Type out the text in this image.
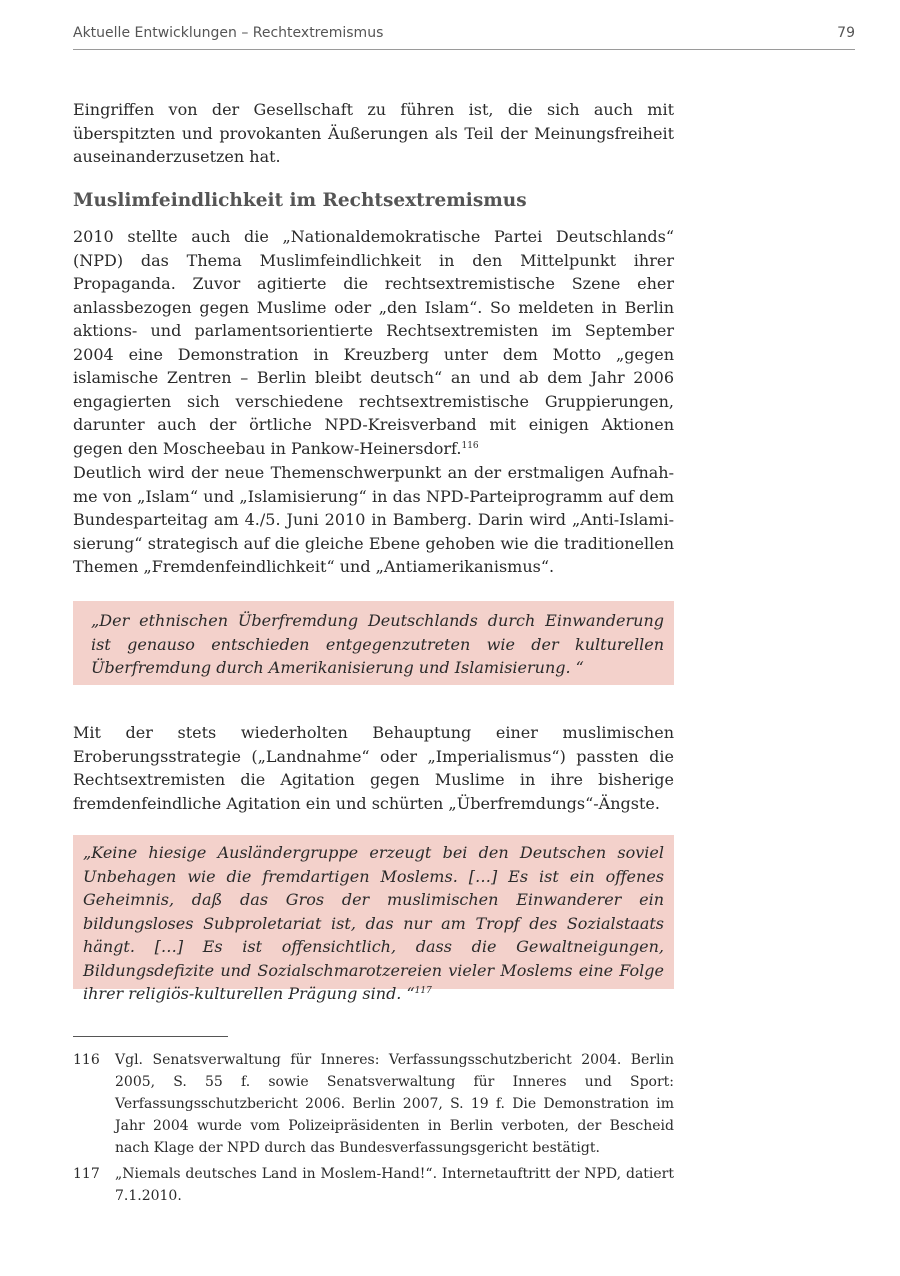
Aktuelle Entwicklungen – Rechtextremismus	79

Eingriffen von der Gesellschaft zu führen ist, die sich auch mit überspitzten und provokanten Äußerungen als Teil der Meinungsfreiheit auseinanderzusetzen hat.

Muslimfeindlichkeit im Rechtsextremismus

2010 stellte auch die „Nationaldemokratische Partei Deutschlands“ (NPD) das Thema Muslimfeindlichkeit in den Mittelpunkt ihrer Propaganda. Zuvor agitierte die rechtsextremistische Szene eher anlassbezogen gegen Muslime oder „den Islam“. So meldeten in Berlin aktions- und parlamentsorientierte Rechtsextremisten im September 2004 eine Demonstration in Kreuzberg unter dem Motto „gegen islamische Zentren – Berlin bleibt deutsch“ an und ab dem Jahr 2006 engagierten sich verschiedene rechtsextremistische Gruppierungen, darunter auch der örtliche NPD-Kreisverband mit einigen Aktionen gegen den Moscheebau in Pankow-Heinersdorf.$^{116}$

Deutlich wird der neue Themenschwerpunkt an der erstmaligen Aufnahme von „Islam“ und „Islamisierung“ in das NPD-Parteiprogramm auf dem Bundesparteitag am 4./5. Juni 2010 in Bamberg. Darin wird „Anti-Islamisierung“ strategisch auf die gleiche Ebene gehoben wie die traditionellen Themen „Fremdenfeindlichkeit“ und „Antiamerikanismus“.

„Der ethnischen Überfremdung Deutschlands durch Einwanderung ist genauso entschieden entgegenzutreten wie der kulturellen Überfremdung durch Amerikanisierung und Islamisierung. “

Mit der stets wiederholten Behauptung einer muslimischen Eroberungsstrategie („Landnahme“ oder „Imperialismus“) passten die Rechtsextremisten die Agitation gegen Muslime in ihre bisherige fremdenfeindliche Agitation ein und schürten „Überfremdungs“-Ängste.

„Keine hiesige Ausländergruppe erzeugt bei den Deutschen soviel Unbehagen wie die fremdartigen Moslems. […] Es ist ein offenes Geheimnis, daß das Gros der muslimischen Einwanderer ein bildungsloses Subproletariat ist, das nur am Tropf des Sozialstaats hängt. […] Es ist offensichtlich, dass die Gewaltneigungen, Bildungsdefizite und Sozialschmarotzereien vieler Moslems eine Folge ihrer religiös-kulturellen Prägung sind. “$^{117}$

116 Vgl. Senatsverwaltung für Inneres: Verfassungsschutzbericht 2004. Berlin 2005, S. 55 f. sowie Senatsverwaltung für Inneres und Sport: Verfassungsschutzbericht 2006. Berlin 2007, S. 19 f. Die Demonstration im Jahr 2004 wurde vom Polizeipräsidenten in Berlin verboten, der Bescheid nach Klage der NPD durch das Bundesverfassungsgericht bestätigt.
117 „Niemals deutsches Land in Moslem-Hand!“. Internetauftritt der NPD, datiert 7.1.2010.
